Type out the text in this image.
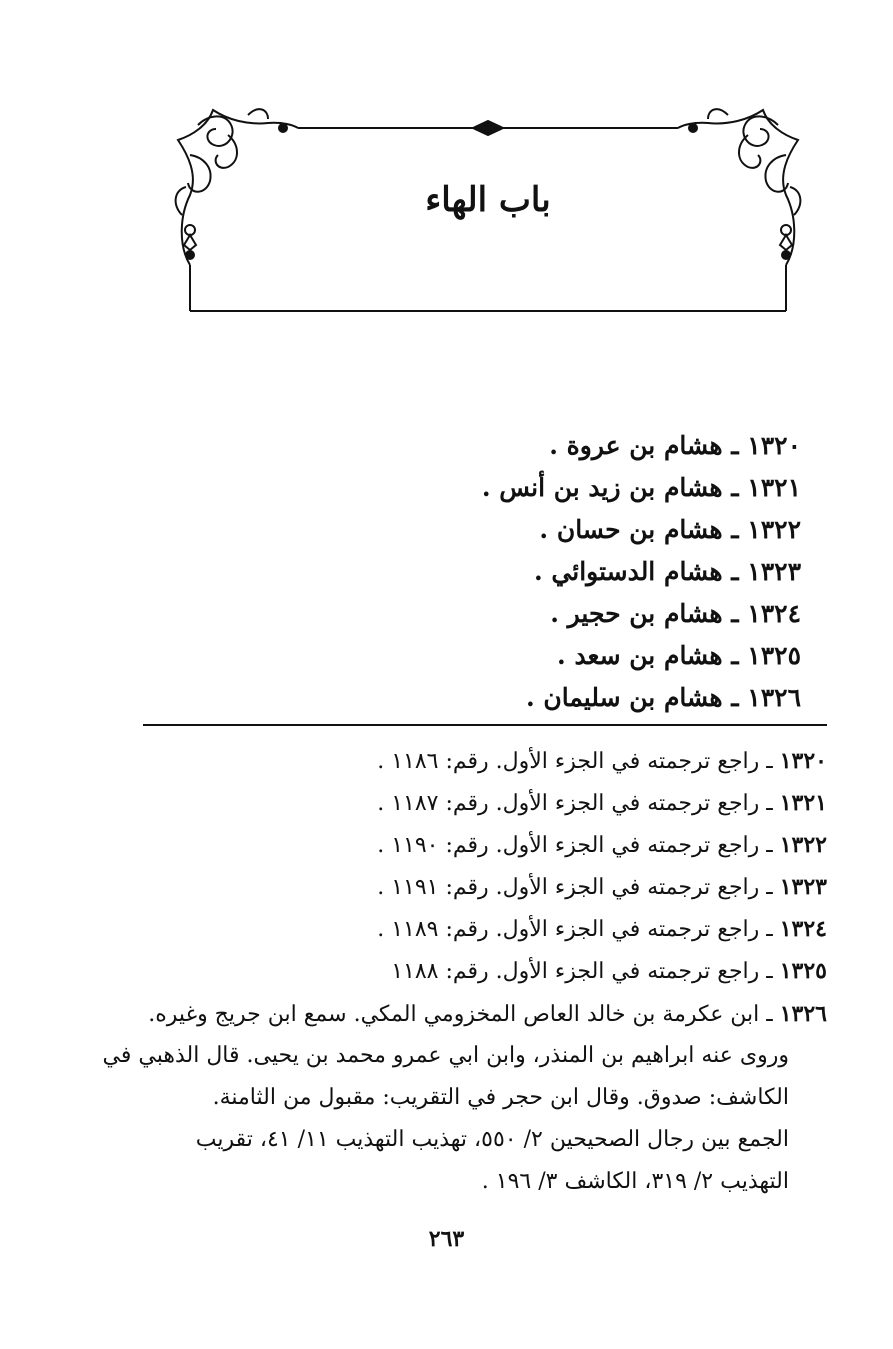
باب الهاء
١٣٢٠ ـ هشام بن عروة .
١٣٢١ ـ هشام بن زيد بن أنس .
١٣٢٢ ـ هشام بن حسان .
١٣٢٣ ـ هشام الدستوائي .
١٣٢٤ ـ هشام بن حجير .
١٣٢٥ ـ هشام بن سعد .
١٣٢٦ ـ هشام بن سليمان .
١٣٢٠ ـ راجع ترجمته في الجزء الأول. رقم: ١١٨٦ .
١٣٢١ ـ راجع ترجمته في الجزء الأول. رقم: ١١٨٧ .
١٣٢٢ ـ راجع ترجمته في الجزء الأول. رقم: ١١٩٠ .
١٣٢٣ ـ راجع ترجمته في الجزء الأول. رقم: ١١٩١ .
١٣٢٤ ـ راجع ترجمته في الجزء الأول. رقم: ١١٨٩ .
١٣٢٥ ـ راجع ترجمته في الجزء الأول. رقم: ١١٨٨
١٣٢٦ ـ ابن عكرمة بن خالد العاص المخزومي المكي. سمع ابن جريج وغيره.
وروى عنه ابراهيم بن المنذر، وابن ابي عمرو محمد بن يحيى. قال الذهبي في
الكاشف: صدوق. وقال ابن حجر في التقريب: مقبول من الثامنة.
الجمع بين رجال الصحيحين ٢/ ٥٥٠، تهذيب التهذيب ١١/ ٤١، تقريب
التهذيب ٢/ ٣١٩، الكاشف ٣/ ١٩٦ .
٢٦٣
